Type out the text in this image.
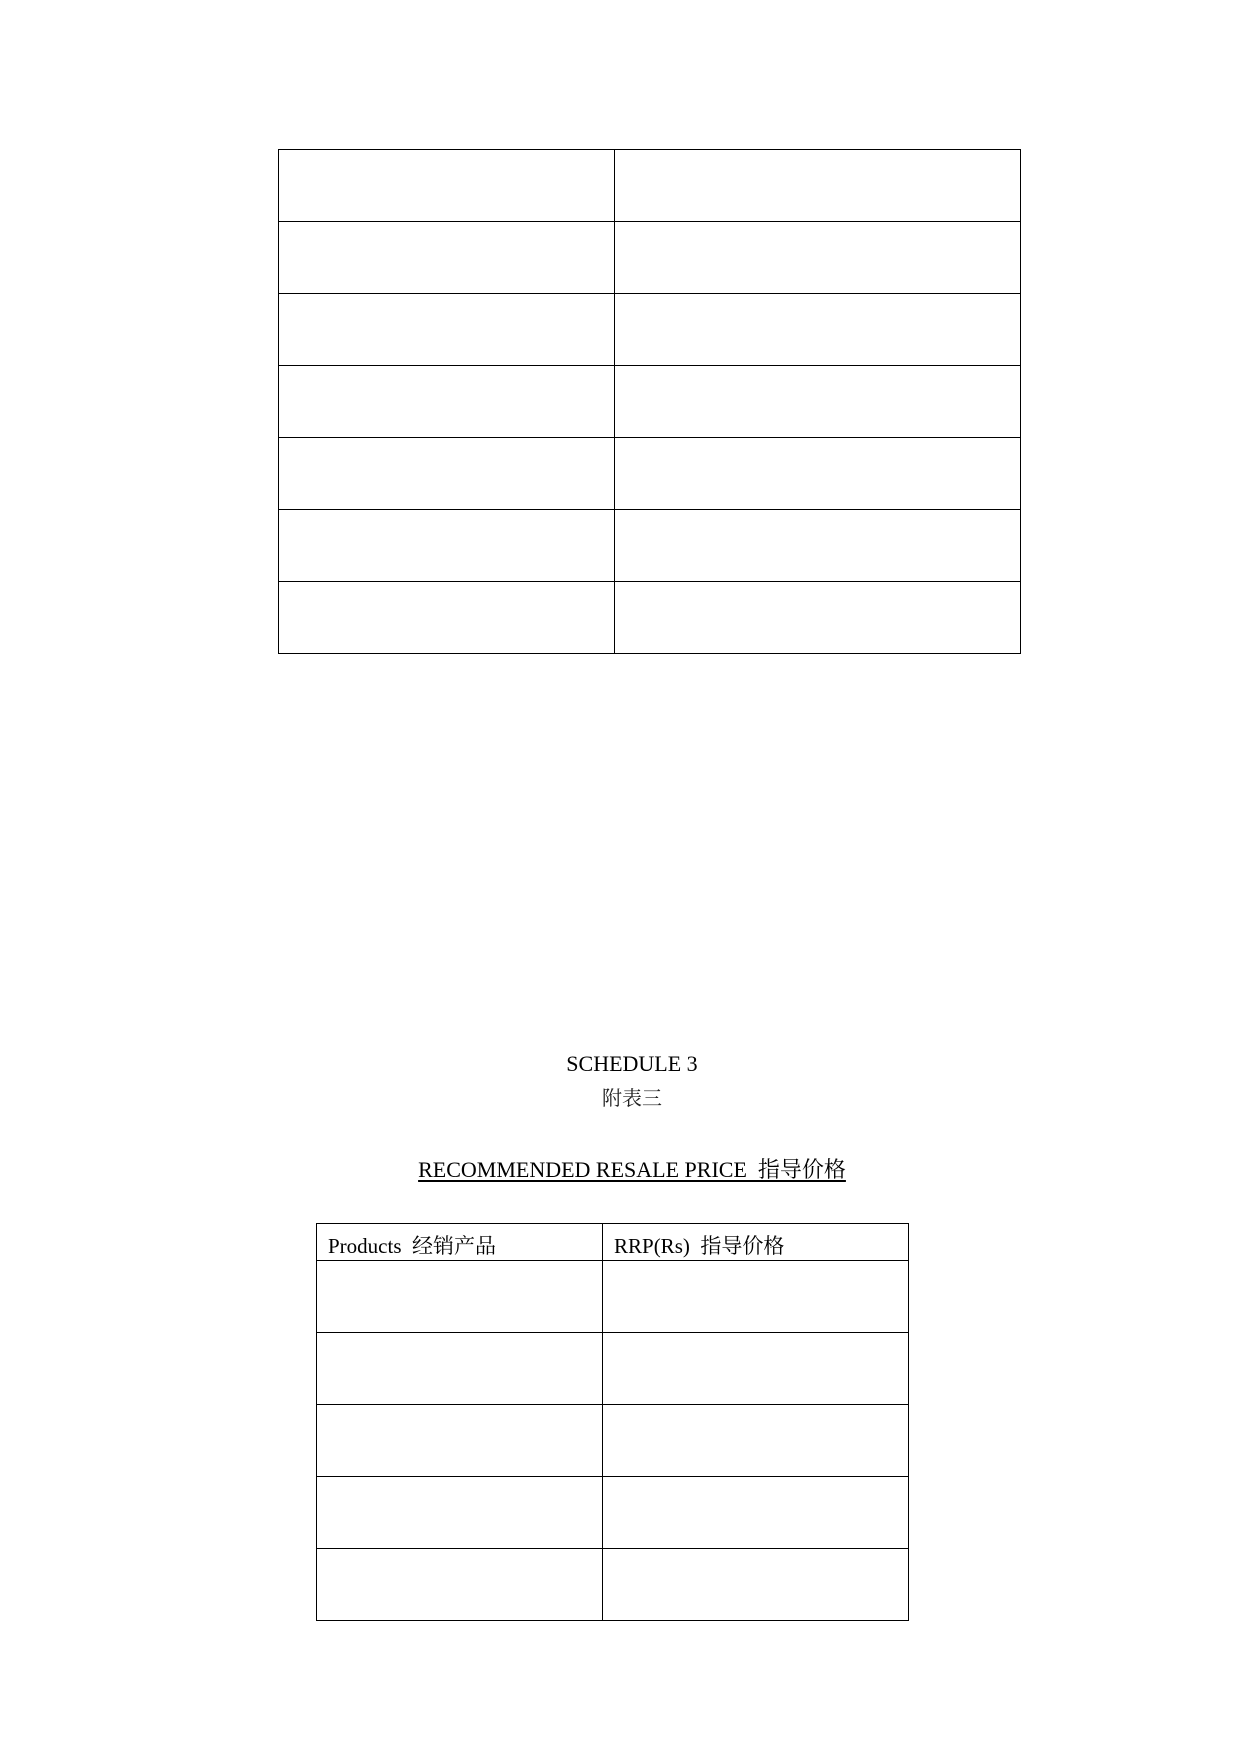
SCHEDULE 3
附表三
RECOMMENDED RESALE PRICE  指导价格
Products  经销产品	RRP(Rs)  指导价格
